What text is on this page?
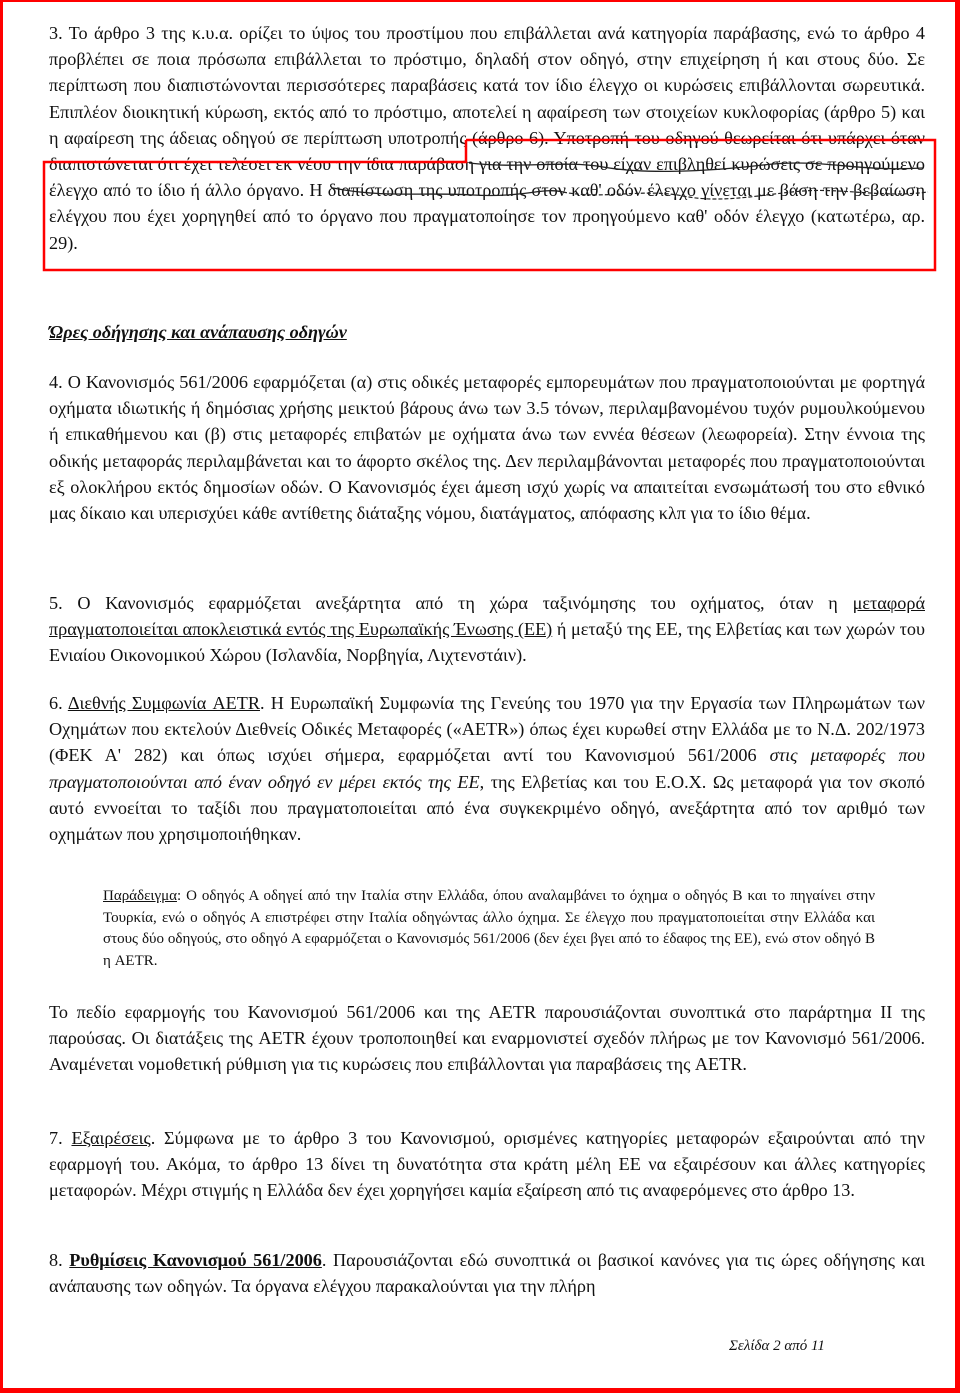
3. Το άρθρο 3 της κ.υ.α. ορίζει το ύψος του προστίμου που επιβάλλεται ανά κατηγορία παράβασης, ενώ το άρθρο 4 προβλέπει σε ποια πρόσωπα επιβάλλεται το πρόστιμο, δηλαδή στον οδηγό, στην επιχείρηση ή και στους δύο. Σε περίπτωση που διαπιστώνονται περισσότερες παραβάσεις κατά τον ίδιο έλεγχο οι κυρώσεις επιβάλλονται σωρευτικά. Επιπλέον διοικητική κύρωση, εκτός από το πρόστιμο, αποτελεί η αφαίρεση των στοιχείων κυκλοφορίας (άρθρο 5) και η αφαίρεση της άδειας οδηγού σε περίπτωση υποτροπής (άρθρο 6). Υποτροπή του οδηγού θεωρείται ότι υπάρχει όταν διαπιστώνεται ότι έχει τελέσει εκ νέου την ίδια παράβαση για την οποία του είχαν επιβληθεί κυρώσεις σε προηγούμενο έλεγχο από το ίδιο ή άλλο όργανο. Η διαπίστωση της υποτροπής στον καθ' οδόν έλεγχο γίνεται με βάση την βεβαίωση ελέγχου που έχει χορηγηθεί από το όργανο που πραγματοποίησε τον προηγούμενο καθ' οδόν έλεγχο (κατωτέρω, αρ. 29).

Ώρες οδήγησης και ανάπαυσης οδηγών

4. Ο Κανονισμός 561/2006 εφαρμόζεται (α) στις οδικές μεταφορές εμπορευμάτων που πραγματοποιούνται με φορτηγά οχήματα ιδιωτικής ή δημόσιας χρήσης μεικτού βάρους άνω των 3.5 τόνων, περιλαμβανομένου τυχόν ρυμουλκούμενου ή επικαθήμενου και (β) στις μεταφορές επιβατών με οχήματα άνω των εννέα θέσεων (λεωφορεία). Στην έννοια της οδικής μεταφοράς περιλαμβάνεται και το άφορτο σκέλος της. Δεν περιλαμβάνονται μεταφορές που πραγματοποιούνται εξ ολοκλήρου εκτός δημοσίων οδών. Ο Κανονισμός έχει άμεση ισχύ χωρίς να απαιτείται ενσωμάτωσή του στο εθνικό μας δίκαιο και υπερισχύει κάθε αντίθετης διάταξης νόμου, διατάγματος, απόφασης κλπ για το ίδιο θέμα.

5. Ο Κανονισμός εφαρμόζεται ανεξάρτητα από τη χώρα ταξινόμησης του οχήματος, όταν η μεταφορά πραγματοποιείται αποκλειστικά εντός της Ευρωπαϊκής Ένωσης (ΕΕ) ή μεταξύ της ΕΕ, της Ελβετίας και των χωρών του Ενιαίου Οικονομικού Χώρου (Ισλανδία, Νορβηγία, Λιχτενστάιν).

6. Διεθνής Συμφωνία AETR. Η Ευρωπαϊκή Συμφωνία της Γενεύης του 1970 για την Εργασία των Πληρωμάτων των Οχημάτων που εκτελούν Διεθνείς Οδικές Μεταφορές («AETR») όπως έχει κυρωθεί στην Ελλάδα με το Ν.Δ. 202/1973 (ΦΕΚ Α' 282) και όπως ισχύει σήμερα, εφαρμόζεται αντί του Κανονισμού 561/2006 στις μεταφορές που πραγματοποιούνται από έναν οδηγό εν μέρει εκτός της ΕΕ, της Ελβετίας και του Ε.Ο.Χ. Ως μεταφορά για τον σκοπό αυτό εννοείται το ταξίδι που πραγματοποιείται από ένα συγκεκριμένο οδηγό, ανεξάρτητα από τον αριθμό των οχημάτων που χρησιμοποιήθηκαν.

Παράδειγμα: Ο οδηγός Α οδηγεί από την Ιταλία στην Ελλάδα, όπου αναλαμβάνει το όχημα ο οδηγός Β και το πηγαίνει στην Τουρκία, ενώ ο οδηγός Α επιστρέφει στην Ιταλία οδηγώντας άλλο όχημα. Σε έλεγχο που πραγματοποιείται στην Ελλάδα και στους δύο οδηγούς, στο οδηγό Α εφαρμόζεται ο Κανονισμός 561/2006 (δεν έχει βγει από το έδαφος της ΕΕ), ενώ στον οδηγό Β η AETR.

Το πεδίο εφαρμογής του Κανονισμού 561/2006 και της AETR παρουσιάζονται συνοπτικά στο παράρτημα II της παρούσας. Οι διατάξεις της AETR έχουν τροποποιηθεί και εναρμονιστεί σχεδόν πλήρως με τον Κανονισμό 561/2006. Αναμένεται νομοθετική ρύθμιση για τις κυρώσεις που επιβάλλονται για παραβάσεις της AETR.

7. Εξαιρέσεις. Σύμφωνα με το άρθρο 3 του Κανονισμού, ορισμένες κατηγορίες μεταφορών εξαιρούνται από την εφαρμογή του. Ακόμα, το άρθρο 13 δίνει τη δυνατότητα στα κράτη μέλη ΕΕ να εξαιρέσουν και άλλες κατηγορίες μεταφορών. Μέχρι στιγμής η Ελλάδα δεν έχει χορηγήσει καμία εξαίρεση από τις αναφερόμενες στο άρθρο 13.

8. Ρυθμίσεις Κανονισμού 561/2006. Παρουσιάζονται εδώ συνοπτικά οι βασικοί κανόνες για τις ώρες οδήγησης και ανάπαυσης των οδηγών. Τα όργανα ελέγχου παρακαλούνται για την πλήρη

Σελίδα 2 από 11
